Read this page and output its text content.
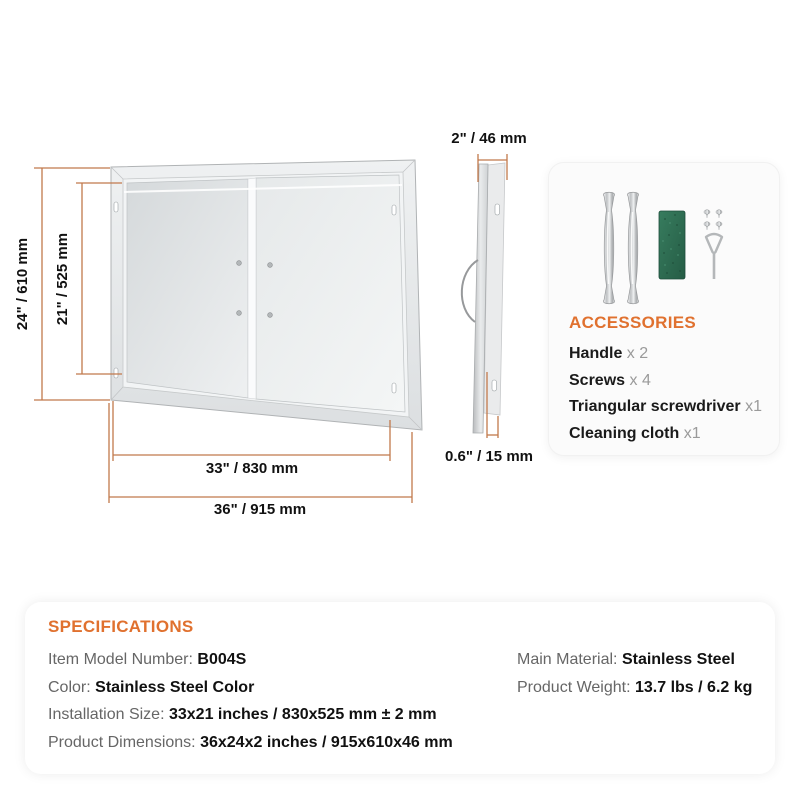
24" / 610 mm 21" / 525 mm
33" / 830 mm
36" / 915 mm
2" / 46 mm
0.6" / 15 mm
ACCESSORIES
Handle x 2
Screws x 4
Triangular screwdriver x1
Cleaning cloth x1
SPECIFICATIONS
Item Model Number: B004S
Color: Stainless Steel Color
Installation Size: 33x21 inches / 830x525 mm ± 2 mm
Product Dimensions: 36x24x2 inches / 915x610x46 mm
Main Material: Stainless Steel
Product Weight: 13.7 lbs / 6.2 kg
